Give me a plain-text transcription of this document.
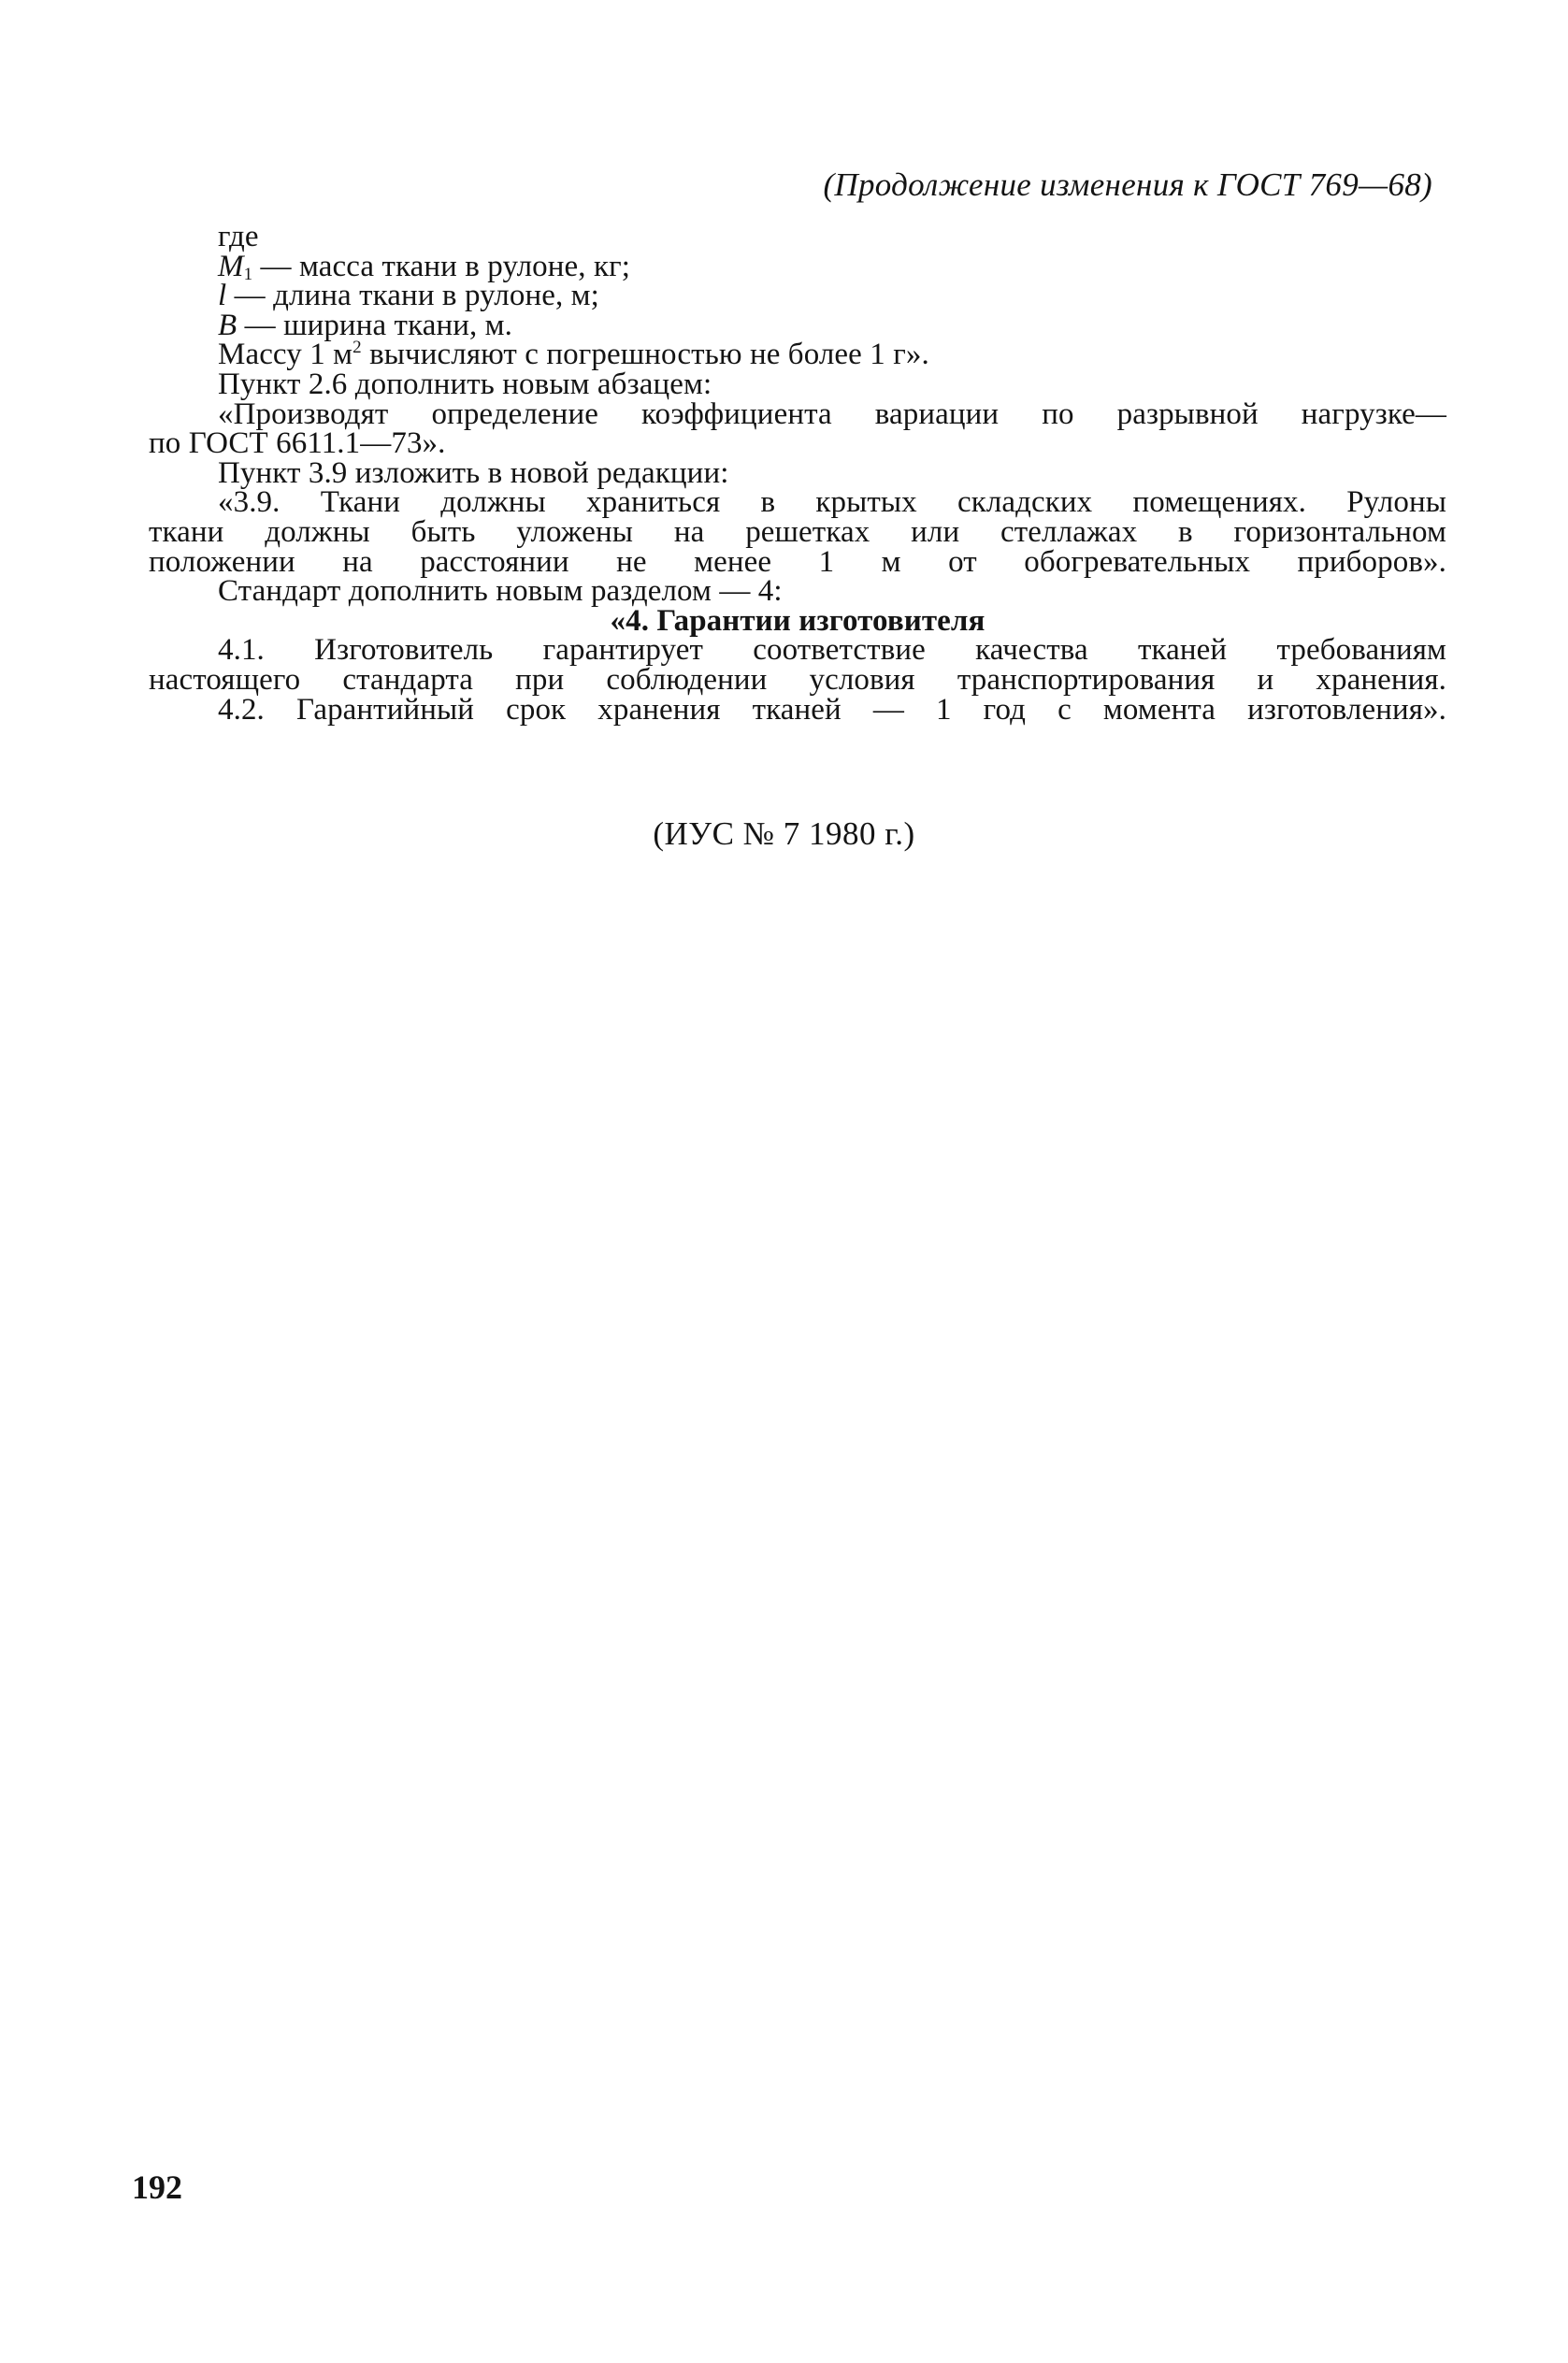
(Продолжение изменения к ГОСТ 769—68)
где
$M_1$ — масса ткани в рулоне, кг;
l — длина ткани в рулоне, м;
B — ширина ткани, м.
Массу 1 $м^2$ вычисляют с погрешностью не более 1 г».
Пункт 2.6 дополнить новым абзацем:
«Производят определение коэффициента вариации по разрывной нагрузке—
по ГОСТ 6611.1—73».
Пункт 3.9 изложить в новой редакции:
«3.9. Ткани должны храниться в крытых складских помещениях. Рулоны
ткани должны быть уложены на решетках или стеллажах в горизонтальном
положении на расстоянии не менее 1 м от обогревательных приборов».
Стандарт дополнить новым разделом — 4:
«4. Гарантии изготовителя
4.1. Изготовитель гарантирует соответствие качества тканей требованиям
настоящего стандарта при соблюдении условия транспортирования и хранения.
4.2. Гарантийный срок хранения тканей — 1 год с момента изготовления».
(ИУС № 7 1980 г.)
192
